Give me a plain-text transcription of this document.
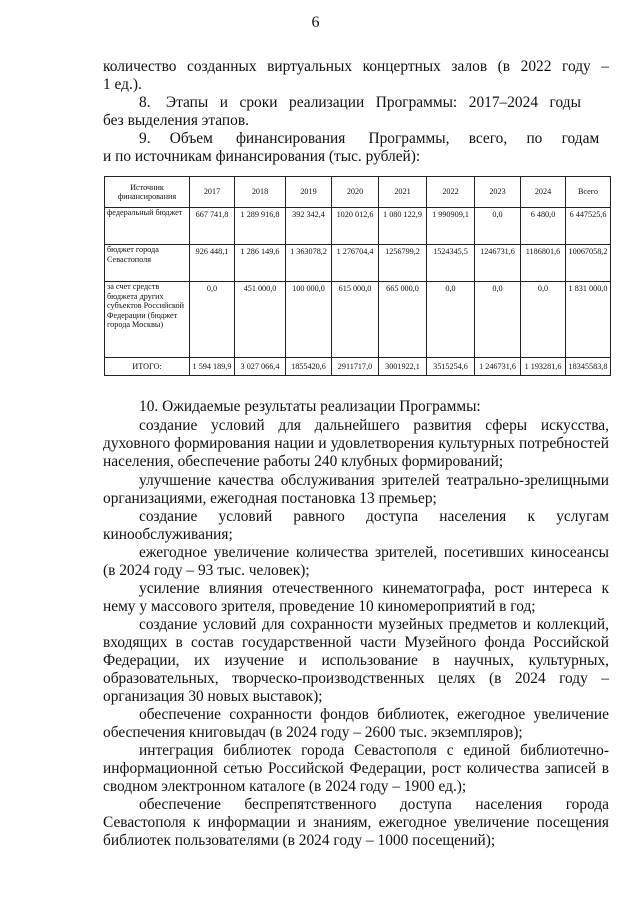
6

количество созданных виртуальных концертных залов (в 2022 году –

1 ед.).

8.    Этапы   и   сроки   реализации   Программы:   2017–2024   годы

без выделения этапов.

9.     Объем      финансирования      Программы,     всего,     по     годам

и по источникам финансирования (тыс. рублей):

Источник финансирования	2017	2018	2019	2020	2021	2022	2023	2024	Всего
федеральный бюджет	667 741,8	1 289 916,8	392 342,4	1020 012,6	1 080 122,9	1 990909,1	0,0	6 480,0	6 447525,6
бюджет города Севастополя	926 448,1	1 286 149,6	1 363078,2	1 276704,4	1256799,2	1524345,5	1246731,6	1186801,6	10067058,2
за счет средств бюджета других субъектов Российской Федерации (бюджет города Москвы)	0,0	451 000,0	100 000,0	615 000,0	665 000,0	0,0	0,0	0,0	1 831 000,0
ИТОГО:	1 594 189,9	3 027 066,4	1855420,6	2911717,0	3001922,1	3515254,6	1 246731,6	1 193281,6	18345583,8

10. Ожидаемые результаты реализации Программы:

создание условий для дальнейшего развития сферы искусства, духовного формирования нации и удовлетворения культурных потребностей населения, обеспечение работы 240 клубных формирований;

улучшение качества обслуживания зрителей театрально-зрелищными организациями, ежегодная постановка 13 премьер;

создание условий равного доступа населения к услугам кинообслуживания;

ежегодное увеличение количества зрителей, посетивших киносеансы (в 2024 году – 93 тыс. человек);

усиление влияния отечественного кинематографа, рост интереса к нему у массового зрителя, проведение 10 киномероприятий в год;

создание условий для сохранности музейных предметов и коллекций, входящих в состав государственной части Музейного фонда Российской Федерации, их изучение и использование в научных, культурных, образовательных, творческо-производственных целях (в 2024 году – организация 30 новых выставок);

обеспечение сохранности фондов библиотек, ежегодное увеличение обеспечения книговыдач (в 2024 году – 2600 тыс. экземпляров);

интеграция библиотек города Севастополя с единой библиотечно-информационной сетью Российской Федерации, рост количества записей в сводном электронном каталоге (в 2024 году – 1900 ед.);

обеспечение беспрепятственного доступа населения города Севастополя к информации и знаниям, ежегодное увеличение посещения библиотек пользователями (в 2024 году – 1000 посещений);
